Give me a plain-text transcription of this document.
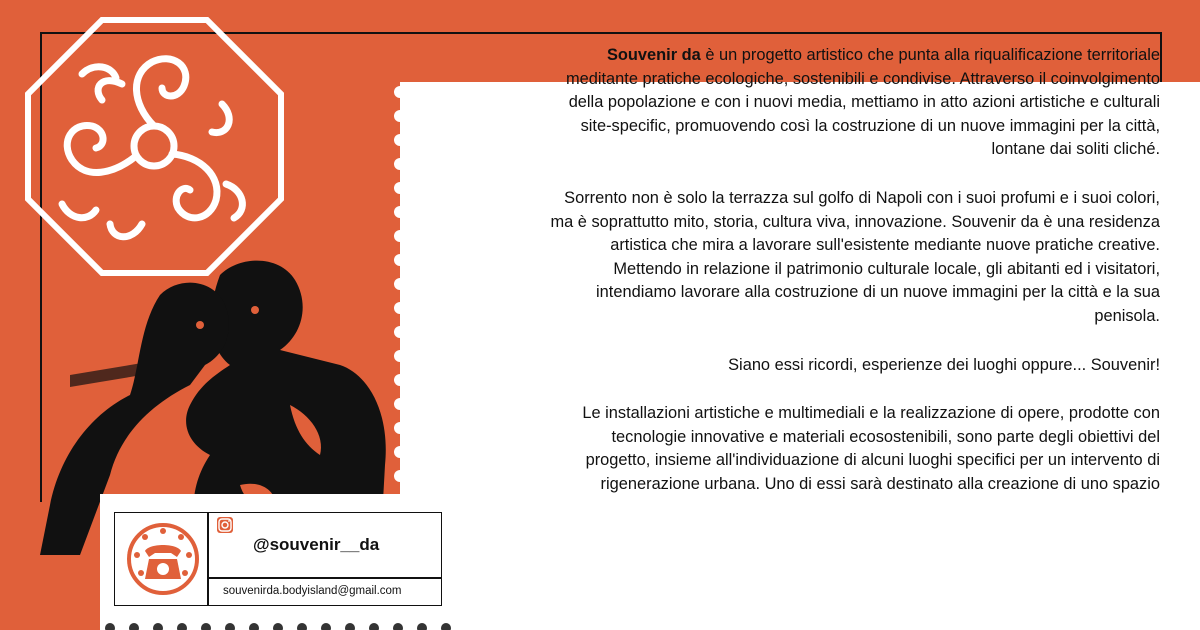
Souvenir da è un progetto artistico che punta alla riqualificazione territoriale
meditante pratiche ecologiche, sostenibili e condivise. Attraverso il coinvolgimento
della popolazione e con i nuovi media, mettiamo in atto azioni artistiche e culturali
site-specific, promuovendo così la costruzione di un nuove immagini per la città,
lontane dai soliti cliché.

Sorrento non è solo la terrazza sul golfo di Napoli con i suoi profumi e i suoi colori,
ma è soprattutto mito, storia, cultura viva, innovazione. Souvenir da è una residenza
artistica che mira a lavorare sull'esistente mediante nuove pratiche creative.
Mettendo in relazione il patrimonio culturale locale, gli abitanti ed i visitatori,
intendiamo lavorare alla costruzione di un nuove immagini per la città e la sua
penisola.

Siano essi ricordi, esperienze dei luoghi oppure... Souvenir!

Le installazioni artistiche e multimediali e la realizzazione di opere, prodotte con
tecnologie innovative e materiali ecosostenibili, sono parte degli obiettivi del
progetto, insieme all'individuazione di alcuni luoghi specifici per un intervento di
rigenerazione urbana. Uno di essi sarà destinato alla creazione di uno spazio

@souvenir__da
souvenirda.bodyisland@gmail.com
